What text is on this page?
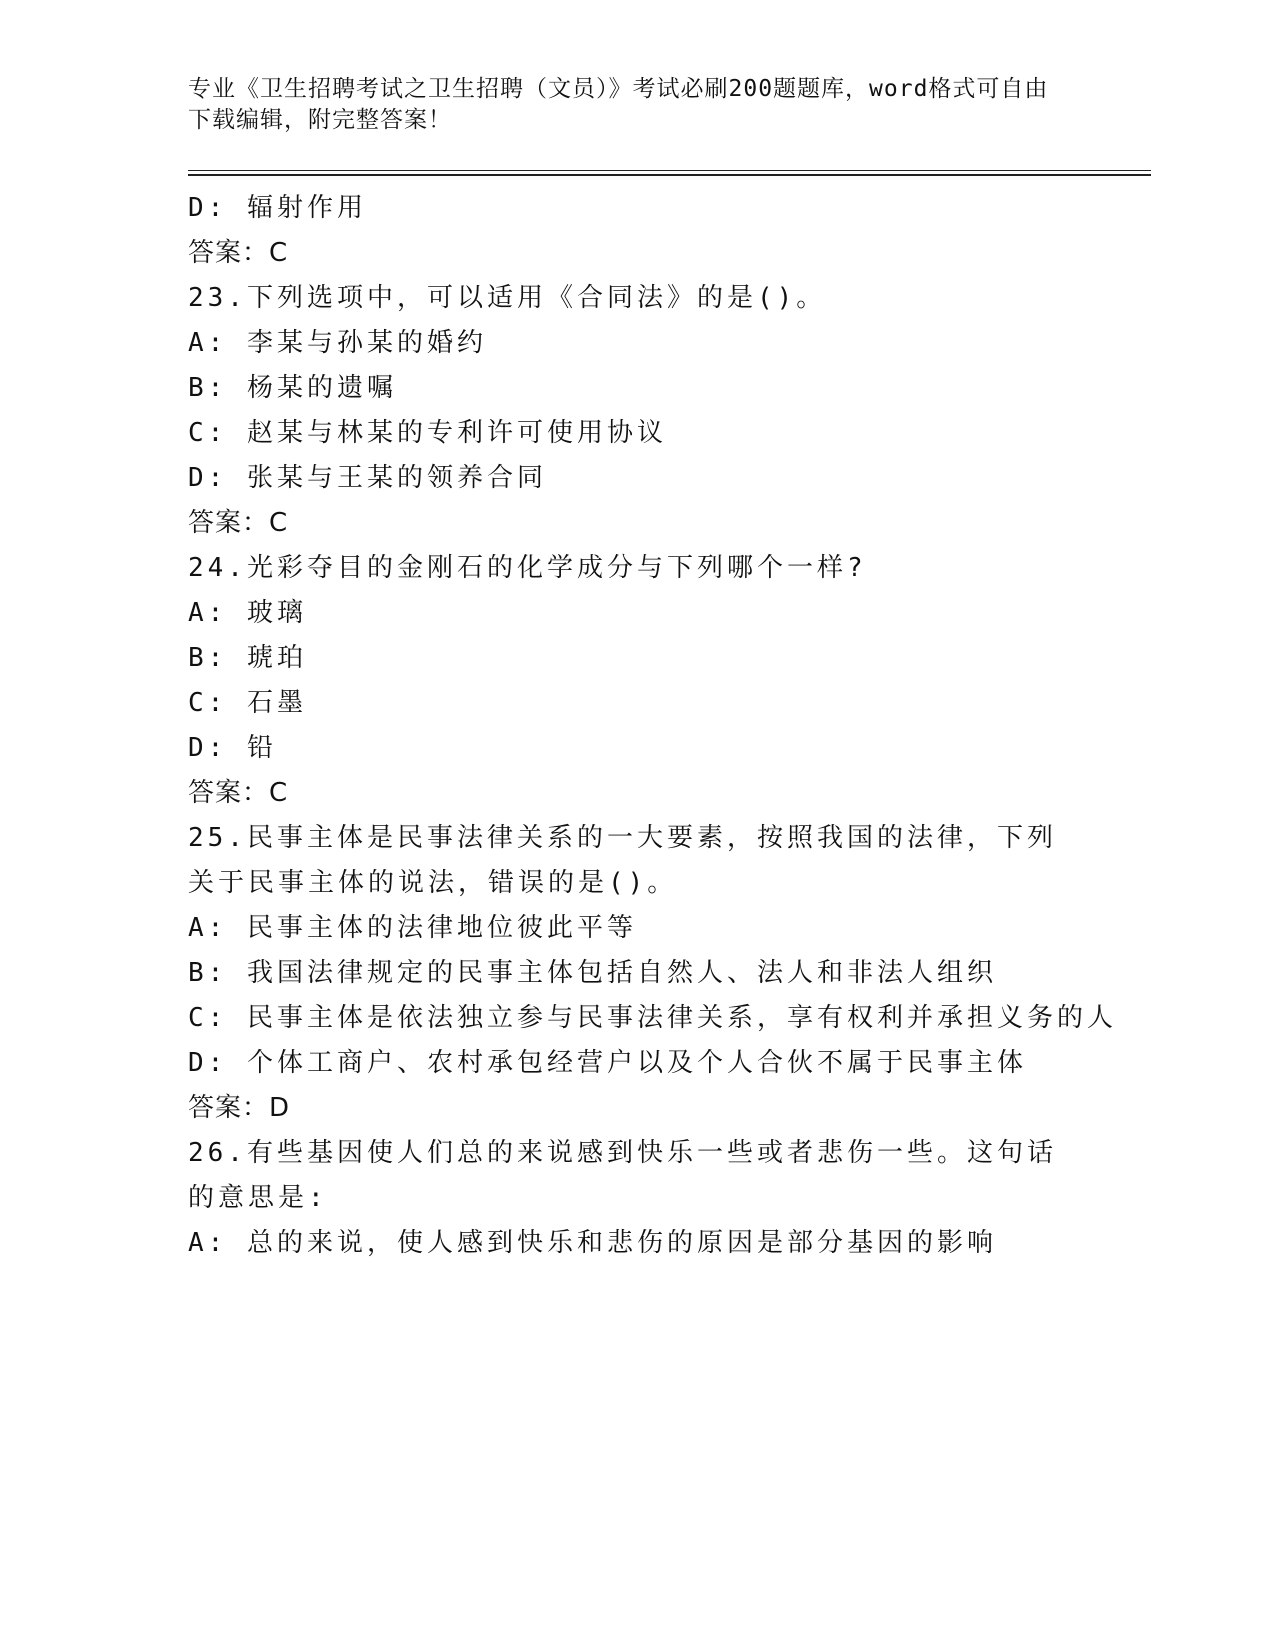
专业《卫生招聘考试之卫生招聘（文员）》考试必刷200题题库，word格式可自由下载编辑，附完整答案！
D: 辐射作用
答案：C
23.下列选项中，可以适用《合同法》的是()。
A: 李某与孙某的婚约
B: 杨某的遗嘱
C: 赵某与林某的专利许可使用协议
D: 张某与王某的领养合同
答案：C
24.光彩夺目的金刚石的化学成分与下列哪个一样?
A: 玻璃
B: 琥珀
C: 石墨
D: 铅
答案：C
25.民事主体是民事法律关系的一大要素，按照我国的法律，下列关于民事主体的说法，错误的是()。
A: 民事主体的法律地位彼此平等
B: 我国法律规定的民事主体包括自然人、法人和非法人组织
C: 民事主体是依法独立参与民事法律关系，享有权利并承担义务的人
D: 个体工商户、农村承包经营户以及个人合伙不属于民事主体
答案：D
26.有些基因使人们总的来说感到快乐一些或者悲伤一些。这句话的意思是:
A: 总的来说，使人感到快乐和悲伤的原因是部分基因的影响
